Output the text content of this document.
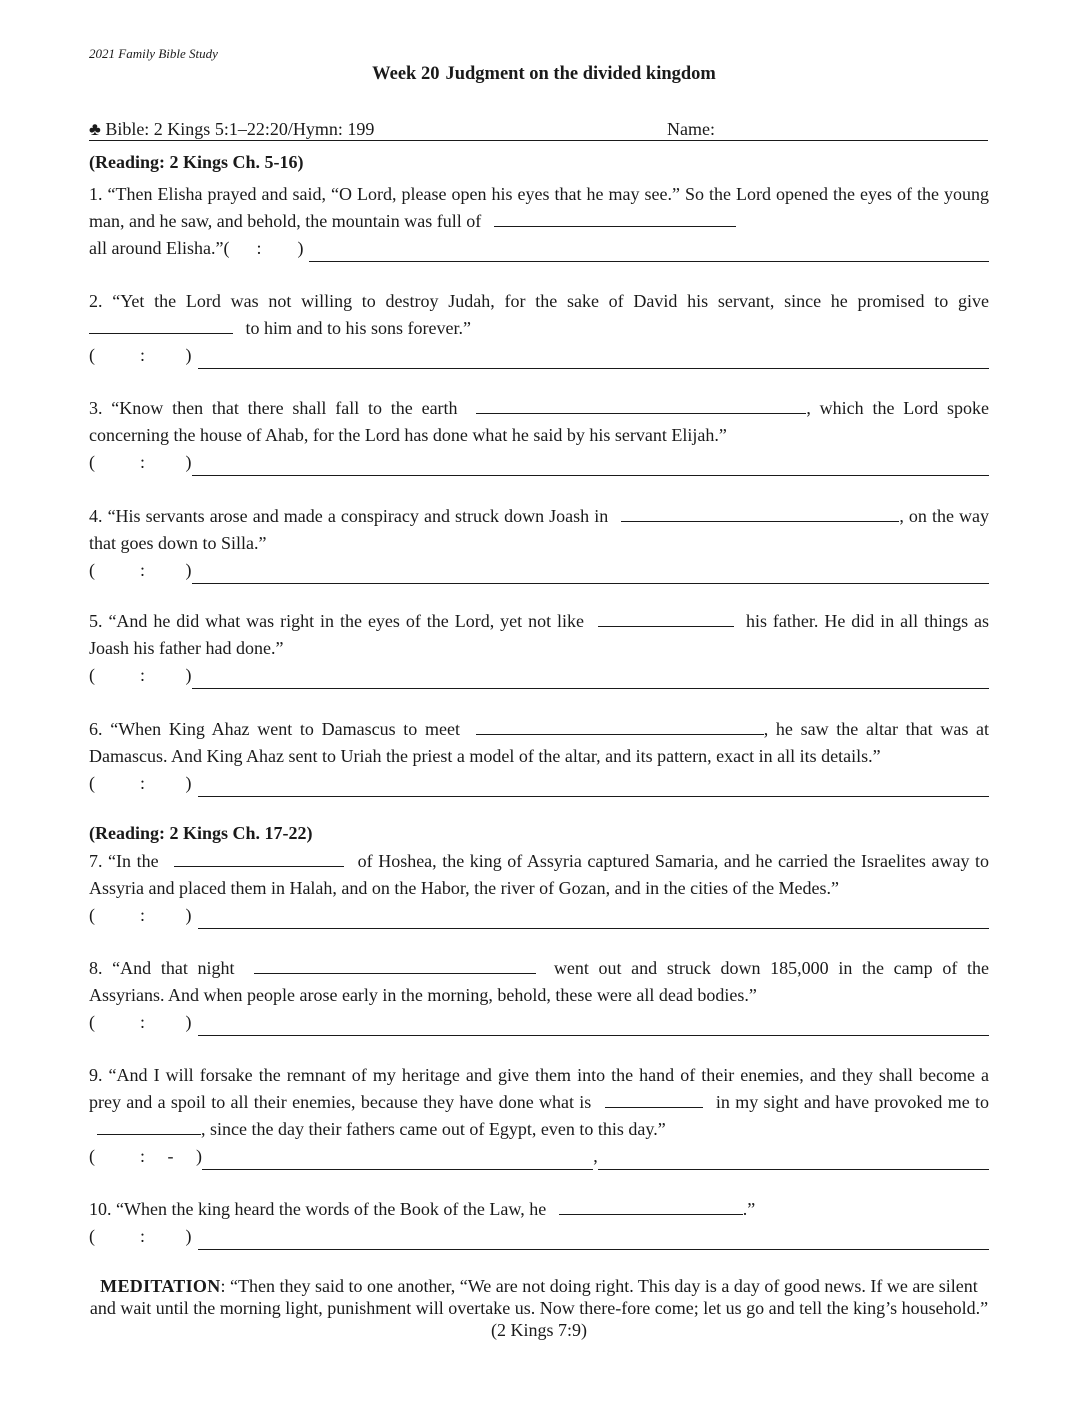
2021 Family Bible Study
Week 20 Judgment on the divided kingdom
♣ Bible: 2 Kings 5:1–22:20/Hymn: 199	Name:
(Reading: 2 Kings Ch. 5-16)
1. “Then Elisha prayed and said, “O Lord, please open his eyes that he may see.” So the Lord opened the eyes of the young man, and he saw, and behold, the mountain was full of
all around Elisha.”(
:
)
2. “Yet the Lord was not willing to destroy Judah, for the sake of David his servant, since he promised to give  to him and to his sons forever.”
(
	:
)
3. “Know then that there shall fall to the earth	, which the Lord spoke concerning the house of Ahab, for the Lord has done what he said by his servant Elijah.”
(
	:
)
4. “His servants arose and made a conspiracy and struck down Joash in	, on the way that goes down to Silla.”
(
	:
)
5. “And he did what was right in the eyes of the Lord, yet not like	his father. He did in all things as Joash his father had done.”
(
	:
)
6. “When King Ahaz went to Damascus to meet	, he saw the altar that was at Damascus. And King Ahaz sent to Uriah the priest a model of the altar, and its pattern, exact in all its details.”
(
	:
)
(Reading: 2 Kings Ch. 17-22)
7. “In the	of Hoshea, the king of Assyria captured Samaria, and he carried the Israelites away to Assyria and placed them in Halah, and on the Habor, the river of Gozan, and in the cities of the Medes.”
(
	:
)
8. “And that night	went out and struck down 185,000 in the camp of the Assyrians. And when people arose early in the morning, behold, these were all dead bodies.”
(
	:
)
9. “And I will forsake the remnant of my heritage and give them into the hand of their enemies, and they shall become a prey and a spoil to all their enemies, because they have done what is	in my sight and have provoked me to , since the day their fathers came out of Egypt, even to this day.”
(
	:
-
)	,
10. “When the king heard the words of the Book of the Law, he	.”
(
	:
)
MEDITATION: “Then they said to one another, “We are not doing right. This day is a day of good news. If we are silent and wait until the morning light, punishment will overtake us. Now there-fore come; let us go and tell the king’s household.” (2 Kings 7:9)
